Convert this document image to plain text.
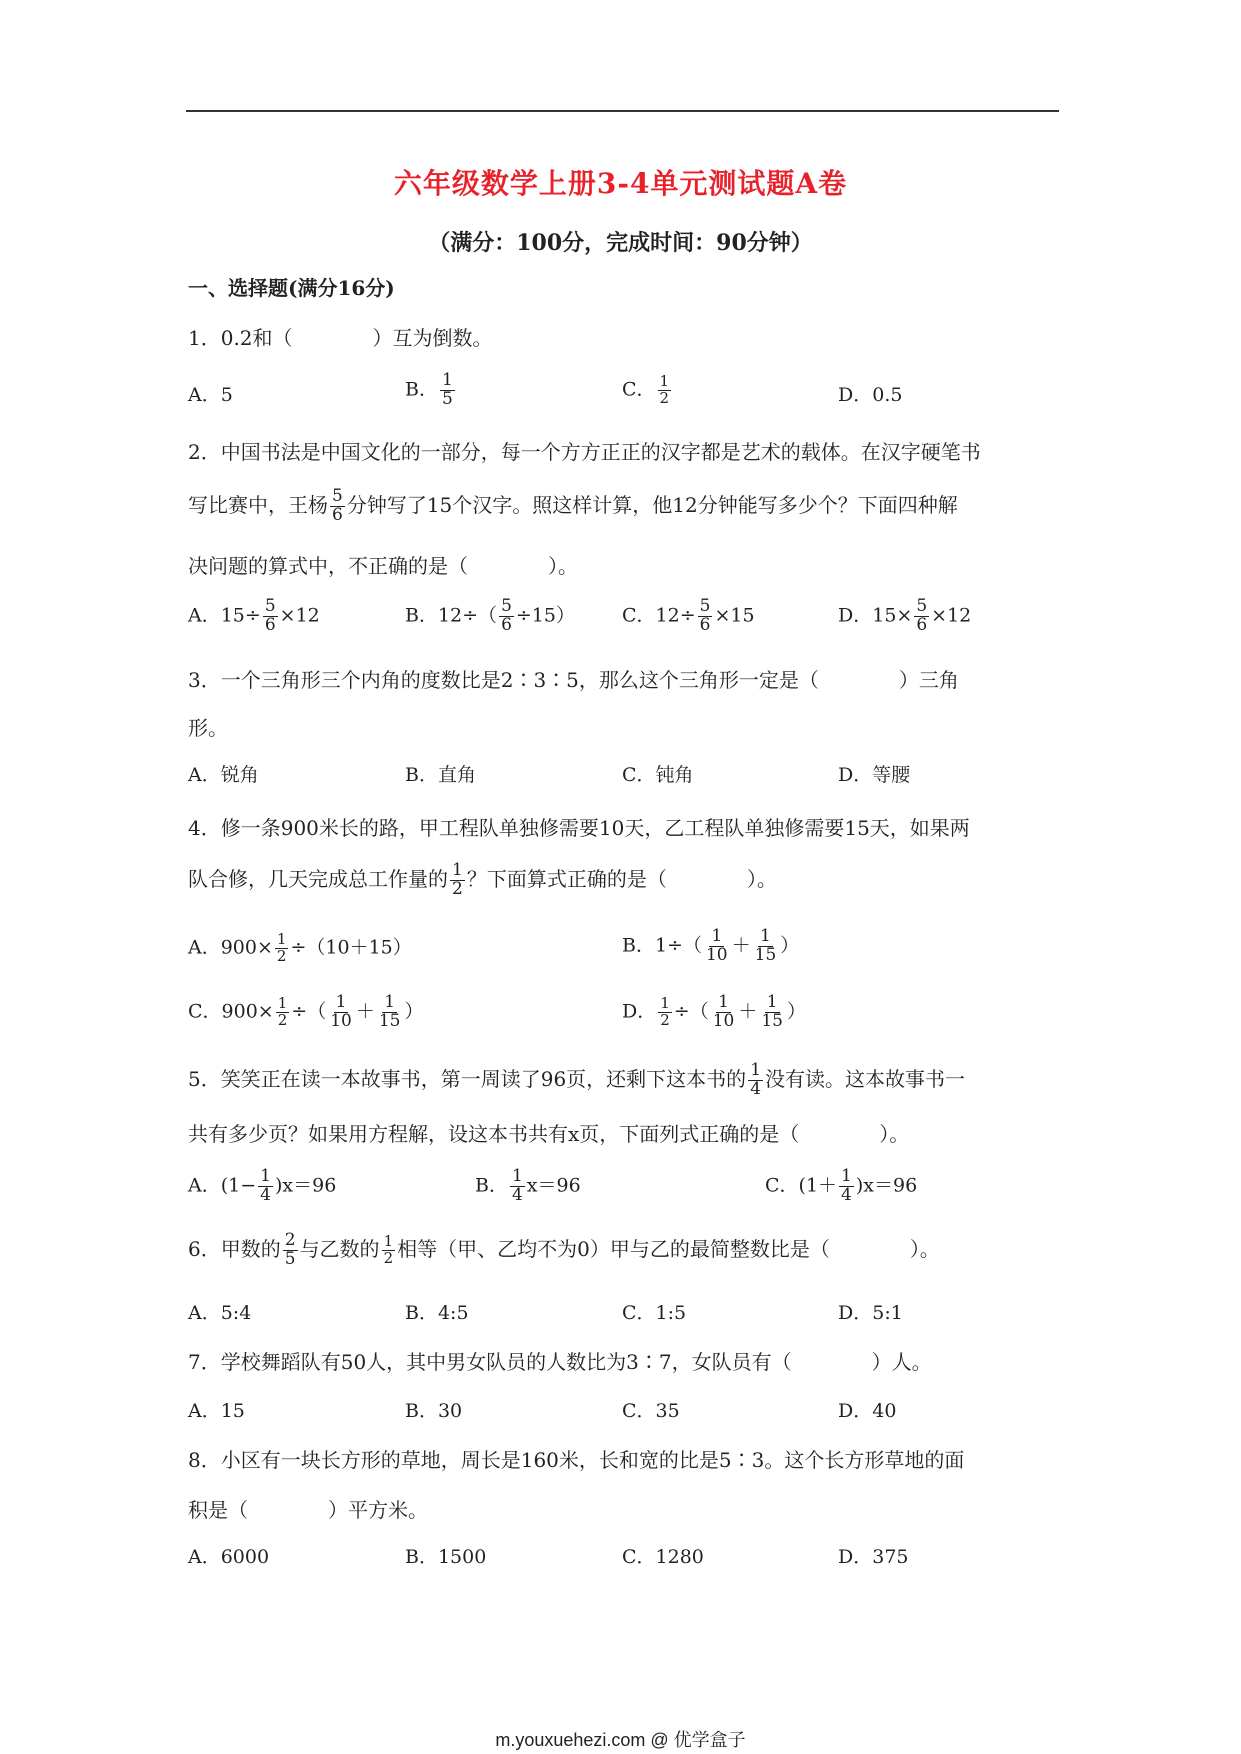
六年级数学上册3-4单元测试题A卷
（满分：100分，完成时间：90分钟）
一、选择题(满分16分)
1．0.2和（　　　　）互为倒数。
A．5	B． $\frac{1}{5}$	C． $\frac{1}{2}$	D．0.5
2．中国书法是中国文化的一部分，每一个方方正正的汉字都是艺术的载体。在汉字硬笔书
写比赛中，王杨 $\frac{5}{6}$ 分钟写了15个汉字。照这样计算，他12分钟能写多少个？下面四种解
决问题的算式中，不正确的是（　　　　）。
A．$15\div \frac{5}{6} \times 12$	B．$12\div( \frac{5}{6} \div 15)$ C．$12\div \frac{5}{6} \times 15$	D．$15\times \frac{5}{6} \times 12$
3．一个三角形三个内角的度数比是2∶3∶5，那么这个三角形一定是（　　　　）三角
形。
A．锐角	B．直角	C．钝角	D．等腰
4．修一条900米长的路，甲工程队单独修需要10天，乙工程队单独修需要15天，如果两
队合修，几天完成总工作量的 $\frac{1}{2}$ ？下面算式正确的是（　　　　）。
A．$900\times \frac{1}{2} \div(10+15)$	B．$1\div( \frac{1}{10} + \frac{1}{15}$ ）
C．$900\times \frac{1}{2}$ ÷（ $\frac{1}{10} + \frac{1}{15}$ ）	D． $\frac{1}{2}$ ÷（ $\frac{1}{10} + \frac{1}{15}$ ）
5．笑笑正在读一本故事书，第一周读了96页，还剩下这本书的 $\frac{1}{4}$ 没有读。这本故事书一
共有多少页？如果用方程解，设这本书共有x页，下面列式正确的是（　　　　）。
A．$(1- \frac{1}{4} )x=96$	B． $\frac{1}{4} x=96$	C．$(1+ \frac{1}{4} )x=96$
6．甲数的 $\frac{2}{5}$ 与乙数的 $\frac{1}{2}$ 相等（甲、乙均不为0）甲与乙的最简整数比是（　　　　）。
A．5:4	B．4:5	C．1:5	D．5:1
7．学校舞蹈队有50人，其中男女队员的人数比为3∶7，女队员有（　　　　）人。
A．15	B．30	C．35	D．40
8．小区有一块长方形的草地，周长是160米，长和宽的比是5∶3。这个长方形草地的面
积是（　　　　）平方米。
A．6000	B．1500	C．1280	D．375
m.youxuehezi.com @ 优学盒子
